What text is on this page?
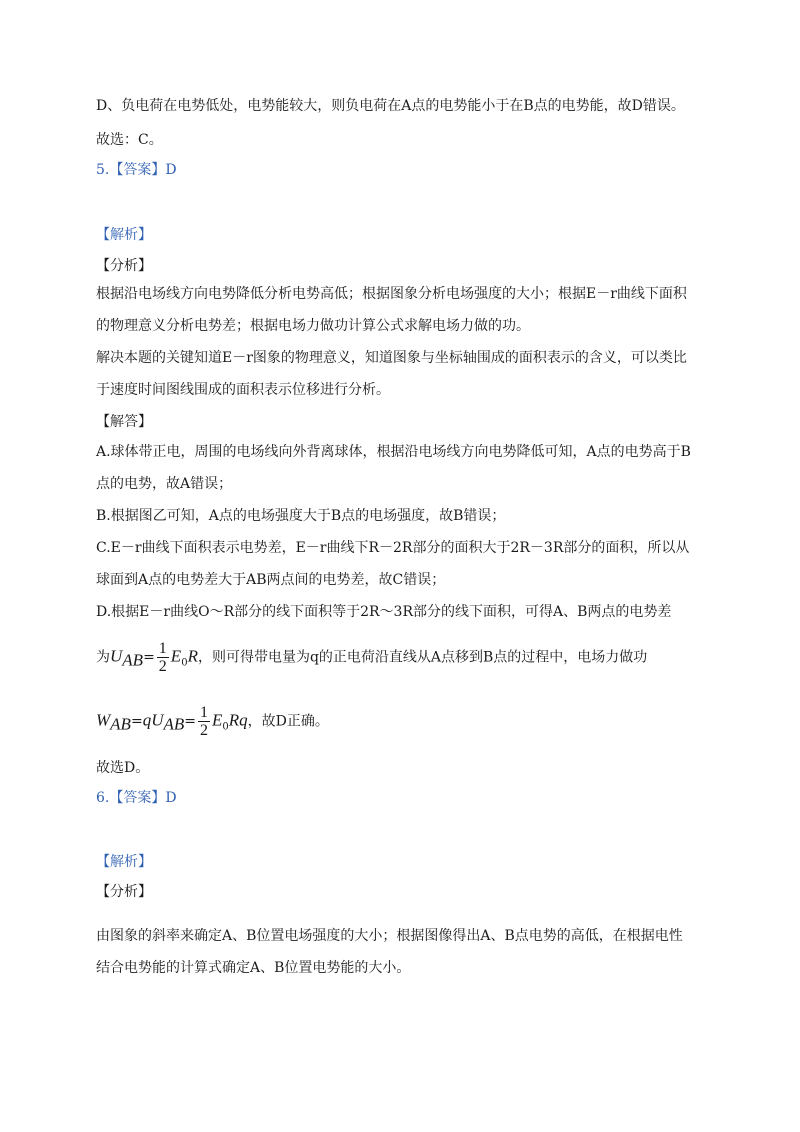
D、负电荷在电势低处，电势能较大，则负电荷在A点的电势能小于在B点的电势能，故D错误。
故选：C。
5.【答案】D
【解析】
【分析】
根据沿电场线方向电势降低分析电势高低；根据图象分析电场强度的大小；根据E－r曲线下面积
的物理意义分析电势差；根据电场力做功计算公式求解电场力做的功。
解决本题的关键知道E－r图象的物理意义，知道图象与坐标轴围成的面积表示的含义，可以类比
于速度时间图线围成的面积表示位移进行分析。
【解答】
A.球体带正电，周围的电场线向外背离球体，根据沿电场线方向电势降低可知，A点的电势高于B
点的电势，故A错误；
B.根据图乙可知，A点的电场强度大于B点的电场强度，故B错误；
C.E－r曲线下面积表示电势差，E－r曲线下R－2R部分的面积大于2R－3R部分的面积，所以从
球面到A点的电势差大于AB两点间的电势差，故C错误；
D.根据E－r曲线O～R部分的线下面积等于2R～3R部分的线下面积，可得A、B两点的电势差
为$U_{AB}= \frac{1}{2} E_0R$，则可得带电量为q的正电荷沿直线从A点移到B点的过程中，电场力做功
$W_{AB}=qU_{AB}= \frac{1}{2} E_0Rq$，故D正确。
故选D。
6.【答案】D
【解析】
【分析】
由图象的斜率来确定A、B位置电场强度的大小；根据图像得出A、B点电势的高低，在根据电性
结合电势能的计算式确定A、B位置电势能的大小。
